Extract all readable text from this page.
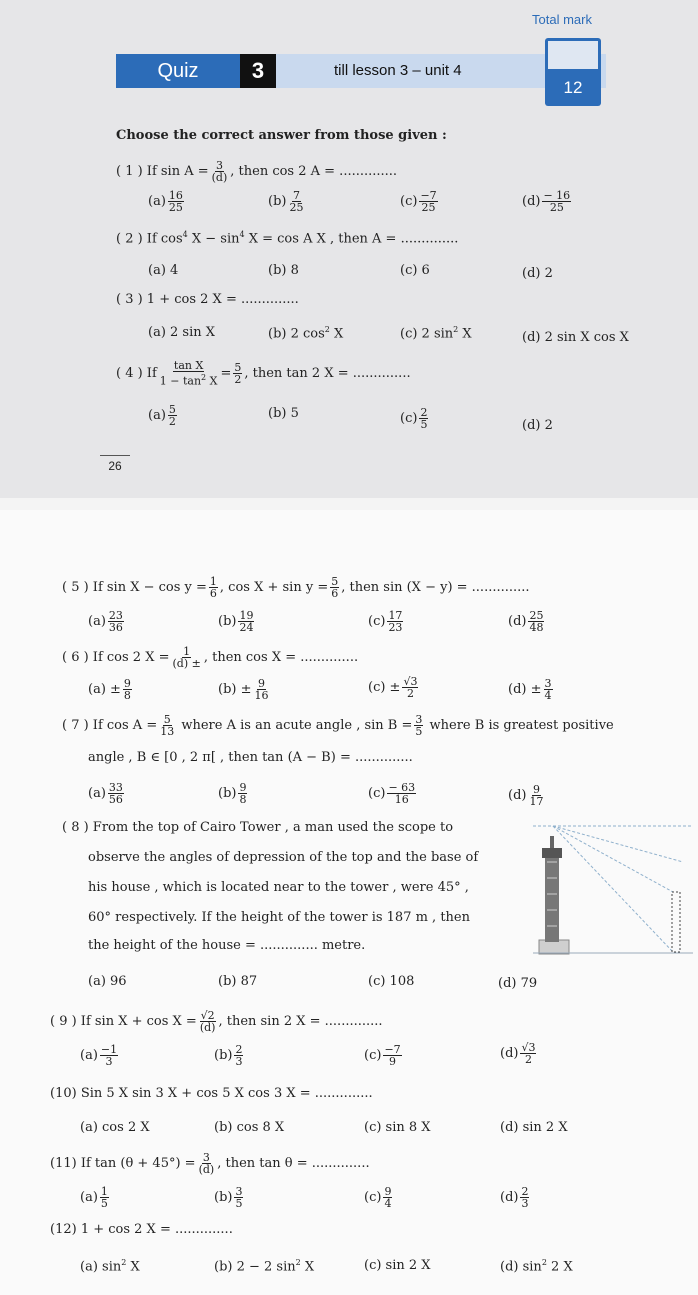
Total mark
Quiz	3	till lesson 3 – unit 4
12
Choose the correct answer from those given :
( 1 ) If $\sin A = \frac{3}{(d)}$ , then cos 2 A = ..............
$(a) \frac{16}{25}$	$(b) \frac{7}{25}$	$(c) \frac{-7}{25}$	$(d) \frac{- 16}{25}$
( 2 ) If $\cos^4 X - \sin^4 X = \cos A$ X , then A = ..............
(a) 4	(b) 8	(c) 6	(d) 2
( 3 ) 1 + cos 2 X = ..............
(a) 2 sin X	(b) 2 $\cos^2 X$	(c) 2 $\sin^2 X$	(d) 2 sin X cos X
( 4 ) If $\frac{\text{tan X}}{1 - \tan^2 X} = \frac{5}{2}$ , then tan 2 X = ..............
$(a) \frac{5}{2}$	(b) 5	$(c) \frac{2}{5}$	(d) 2
26
( 5 ) If $\sin X - \cos y = \frac{1}{6}$ , $\cos X + \sin y = \frac{5}{6}$ , then sin (X − y) = ..............
$(a) \frac{23}{36}$	$(b) \frac{19}{24}$	$(c) \frac{17}{23}$	$(d) \frac{25}{48}$
( 6 ) If cos 2 $X = \frac{1}{(d) \pm}$ , then cos X = ..............
$(a) \pm \frac{9}{8}$	$(b) \pm \frac{9}{16}$	$(c) \pm \frac{√3}{2}$	$(d) \pm \frac{3}{4}$
( 7 ) If $\cos A = \frac{5}{13}$ where A is an acute angle , $\sin B = \frac{3}{5}$ where B is greatest positive
angle , B ∈ [0 , 2 π[ , then tan (A − B) = ..............
$(a) \frac{33}{56}$	$(b) \frac{9}{8}$	$(c) \frac{- 63}{16}$	$(d) \frac{9}{17}$
( 8 ) From the top of Cairo Tower , a man used the scope to
observe the angles of depression of the top and the base of
his house , which is located near to the tower , were 45° ,
60° respectively. If the height of the tower is 187 m , then
the height of the house = .............. metre.
(a) 96	(b) 87	(c) 108	(d) 79
( 9 ) If $\sin X + \cos X = \frac{√2}{(d)}$ , then sin 2 X = ..............
$(a) \frac{-1}{3}$	$(b) \frac{2}{3}$	$(c) \frac{-7}{9}$	$(d) \frac{√3}{2}$
(10) Sin 5 X sin 3 X + cos 5 X cos 3 X = ..............
(a) cos 2 X	(b) cos 8 X	(c) sin 8 X	(d) sin 2 X
(11) If $\tan (\theta + 45^\circ) = \frac{3}{(d)}$ , then tan θ = ..............
$(a) \frac{1}{5}$	$(b) \frac{3}{5}$	$(c) \frac{9}{4}$	$(d) \frac{2}{3}$
(12) 1 + cos 2 X = ..............
(a) $\sin^2 X$	(b) 2 − 2 $\sin^2 X$	(c) sin 2 X	(d) $\sin^2 2$ X
